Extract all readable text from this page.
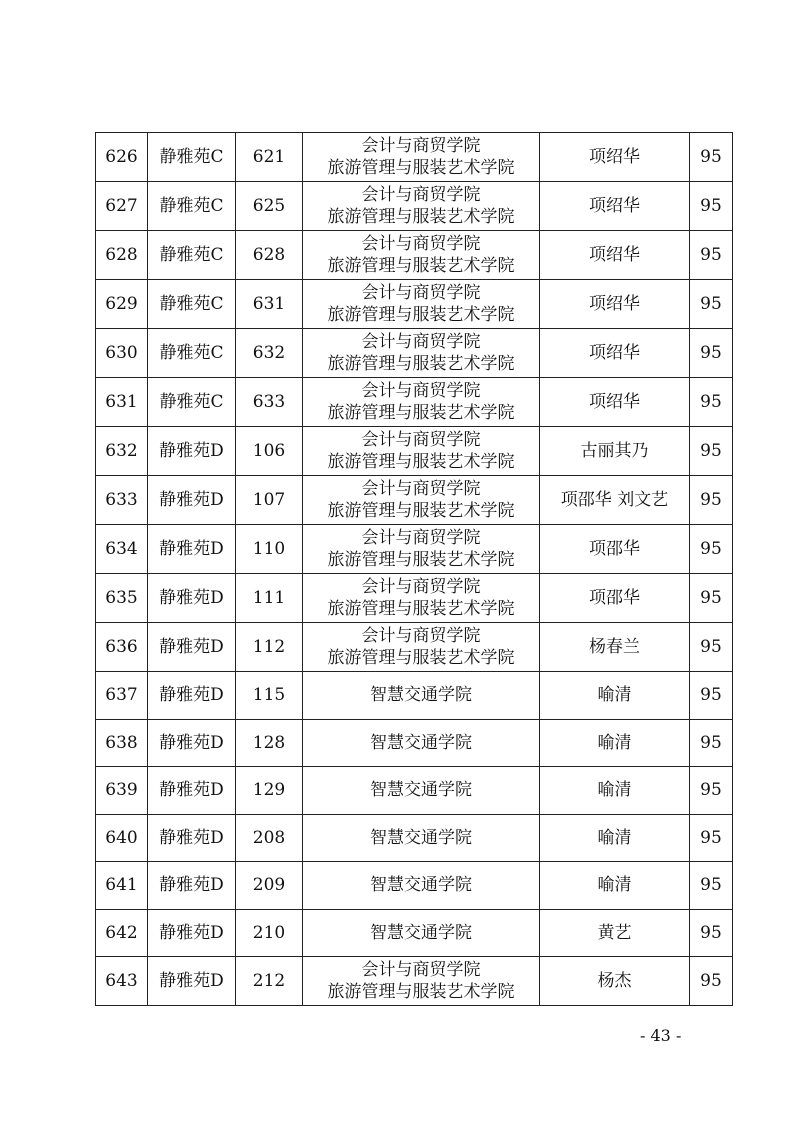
626	静雅苑C	621	会计与商贸学院
旅游管理与服装艺术学院	项绍华	95
627	静雅苑C	625	会计与商贸学院
旅游管理与服装艺术学院	项绍华	95
628	静雅苑C	628	会计与商贸学院
旅游管理与服装艺术学院	项绍华	95
629	静雅苑C	631	会计与商贸学院
旅游管理与服装艺术学院	项绍华	95
630	静雅苑C	632	会计与商贸学院
旅游管理与服装艺术学院	项绍华	95
631	静雅苑C	633	会计与商贸学院
旅游管理与服装艺术学院	项绍华	95
632	静雅苑D	106	会计与商贸学院
旅游管理与服装艺术学院	古丽其乃	95
633	静雅苑D	107	会计与商贸学院
旅游管理与服装艺术学院	项邵华 刘文艺	95
634	静雅苑D	110	会计与商贸学院
旅游管理与服装艺术学院	项邵华	95
635	静雅苑D	111	会计与商贸学院
旅游管理与服装艺术学院	项邵华	95
636	静雅苑D	112	会计与商贸学院
旅游管理与服装艺术学院	杨春兰	95
637	静雅苑D	115	智慧交通学院	喻清	95
638	静雅苑D	128	智慧交通学院	喻清	95
639	静雅苑D	129	智慧交通学院	喻清	95
640	静雅苑D	208	智慧交通学院	喻清	95
641	静雅苑D	209	智慧交通学院	喻清	95
642	静雅苑D	210	智慧交通学院	黄艺	95
643	静雅苑D	212	会计与商贸学院
旅游管理与服装艺术学院	杨杰	95
- 43 -
